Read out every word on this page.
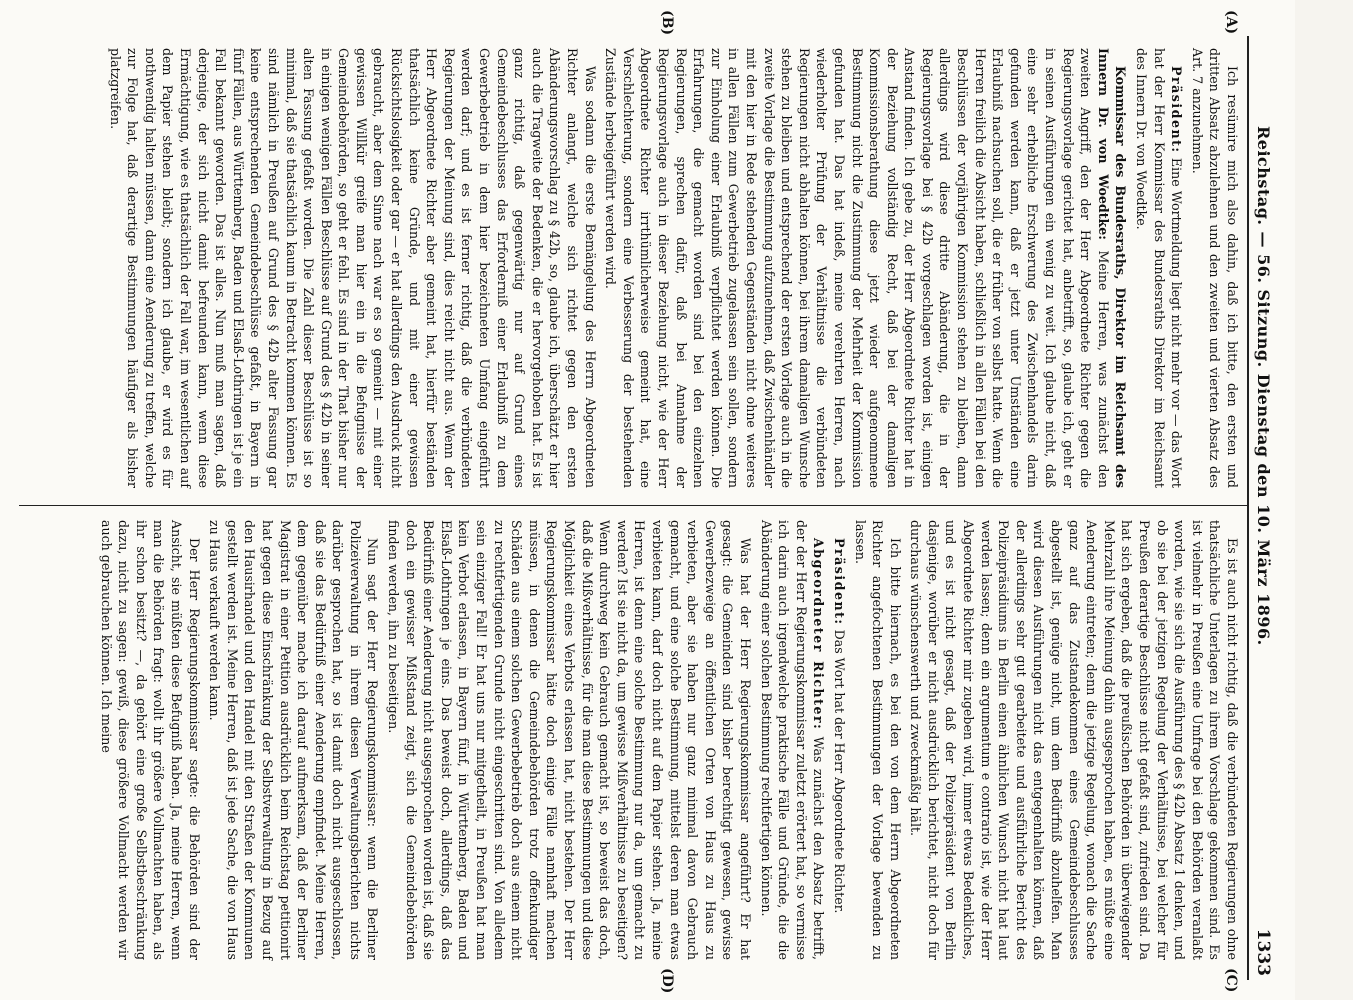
Reichstag. — 56. Sitzung. Dienstag den 10. März 1896.
1333
(A)
(B)
(C)
(D)

Ich resümire mich also dahin, daß ich bitte, den ersten und dritten Absatz abzulehnen und den zweiten und vierten Absatz des Art. 7 anzunehmen.

Präsident: Eine Wortmeldung liegt nicht mehr vor — das Wort hat der Herr Kommissar des Bundesraths Direktor im Reichsamt des Innern Dr. von Woedtke.

Kommissar des Bundesraths, Direktor im Reichsamt des Innern Dr. von Woedtke: Meine Herren, was zunächst den zweiten Angriff, den der Herr Abgeordnete Richter gegen die Regierungsvorlage gerichtet hat, anbetrifft, so, glaube ich, geht er in seinen Ausführungen ein wenig zu weit. Ich glaube nicht, daß eine sehr erhebliche Erschwerung des Zwischenhandels darin gefunden werden kann, daß er jetzt unter Umständen eine Erlaubniß nachsuchen soll, die er früher von selbst hatte. Wenn die Herren freilich die Absicht haben, schließlich in allen Fällen bei den Beschlüssen der vorjährigen Kommission stehen zu bleiben, dann allerdings wird diese dritte Abänderung, die in der Regierungsvorlage bei § 42b vorgeschlagen worden ist, einigen Anstand finden. Ich gebe zu, der Herr Abgeordnete Richter hat in der Beziehung vollständig Recht, daß bei der damaligen Kommissionsberathung diese jetzt wieder aufgenommene Bestimmung nicht die Zustimmung der Mehrheit der Kommission gefunden hat. Das hat indeß, meine verehrten Herren, nach wiederholter Prüfung der Verhältnisse die verbündeten Regierungen nicht abhalten können, bei ihrem damaligen Wunsche stehen zu bleiben und entsprechend der ersten Vorlage auch in die zweite Vorlage die Bestimmung aufzunehmen, daß Zwischenhändler mit den hier in Rede stehenden Gegenständen nicht ohne weiteres in allen Fällen zum Gewerbetrieb zugelassen sein sollen, sondern zur Einholung einer Erlaubniß verpflichtet werden können. Die Erfahrungen, die gemacht worden sind bei den einzelnen Regierungen, sprechen dafür, daß bei Annahme der Regierungsvorlage auch in dieser Beziehung nicht, wie der Herr Abgeordnete Richter irrthümlicherweise gemeint hat, eine Verschlechterung, sondern eine Verbesserung der bestehenden Zustände herbeigeführt werden wird.

Was sodann die erste Bemängelung des Herrn Abgeordneten Richter anlangt, welche sich richtet gegen den ersten Abänderungsvorschlag zu § 42b, so, glaube ich, überschätzt er hier auch die Tragweite der Bedenken, die er hervorgehoben hat. Es ist ganz richtig, daß gegenwärtig nur auf Grund eines Gemeindebeschlusses das Erforderniß einer Erlaubniß zu dem Gewerbebetrieb in dem hier bezeichneten Umfang eingeführt werden darf; und es ist ferner richtig, daß die verbündeten Regierungen der Meinung sind, dies reicht nicht aus. Wenn der Herr Abgeordnete Richter aber gemeint hat, hierfür beständen thatsächlich keine Gründe, und mit einer gewissen Rücksichtslosigkeit oder gar — er hat allerdings den Ausdruck nicht gebraucht, aber dem Sinne nach war es so gemeint — mit einer gewissen Willkür greife man hier ein in die Befugnisse der Gemeindebehörden, so geht er fehl. Es sind in der That bisher nur in einigen wenigen Fällen Beschlüsse auf Grund des § 42b in seiner alten Fassung gefaßt worden. Die Zahl dieser Beschlüsse ist so minimal, daß sie thatsächlich kaum in Betracht kommen können. Es sind nämlich in Preußen auf Grund des § 42b alter Fassung gar keine entsprechenden Gemeindebeschlüsse gefaßt, in Bayern in fünf Fällen, aus Württemberg, Baden und Elsaß-Lothringen ist je ein Fall bekannt geworden. Das ist alles. Nun muß man sagen, daß derjenige, der sich nicht damit befreunden kann, wenn diese Ermächtigung, wie es thatsächlich der Fall war, im wesentlichen auf dem Papier stehen bleibt; sondern ich glaube, er wird es für nothwendig halten müssen, dann eine Aenderung zu treffen, welche zur Folge hat, daß derartige Bestimmungen häufiger als bisher platzgreifen.

Es ist auch nicht richtig, daß die verbündeten Regierungen ohne thatsächliche Unterlagen zu ihrem Vorschlage gekommen sind. Es ist vielmehr in Preußen eine Umfrage bei den Behörden veranlaßt worden, wie sie sich die Ausführung des § 42b Absatz 1 denken, und ob sie bei der jetzigen Regelung der Verhältnisse, bei welcher für Preußen derartige Beschlüsse nicht gefaßt sind, zufrieden sind. Da hat sich ergeben, daß die preußischen Behörden in überwiegender Mehrzahl ihre Meinung dahin ausgesprochen haben, es müßte eine Aenderung eintreten; denn die jetzige Regelung, wonach die Sache ganz auf das Zustandekommen eines Gemeindebeschlusses abgestellt ist, genüge nicht, um dem Bedürfniß abzuhelfen. Man wird diesen Ausführungen nicht das entgegenhalten können, daß der allerdings sehr gut gearbeitete und ausführliche Bericht des Polizeipräsidiums in Berlin einen ähnlichen Wunsch nicht hat laut werden lassen; denn ein argumentum e contrario ist, wie der Herr Abgeordnete Richter mir zugeben wird, immer etwas Bedenkliches, und es ist nicht gesagt, daß der Polizeipräsident von Berlin dasjenige, worüber er nicht ausdrücklich berichtet, nicht doch für durchaus wünschenswerth und zweckmäßig hält.

Ich bitte hiernach, es bei den von dem Herrn Abgeordneten Richter angefochtenen Bestimmungen der Vorlage bewenden zu lassen.

Präsident: Das Wort hat der Herr Abgeordnete Richter.

Abgeordneter Richter: Was zunächst den Absatz betrifft, der der Herr Regierungskommissar zuletzt erörtert hat, so vermisse ich darin auch irgendwelche praktische Fälle und Gründe, die die Abänderung einer solchen Bestimmung rechtfertigen können.

Was hat der Herr Regierungskommissar angeführt? Er hat gesagt: die Gemeinden sind bisher berechtigt gewesen, gewisse Gewerbezweige an öffentlichen Orten von Haus zu Haus zu verbieten, aber sie haben nur ganz minimal davon Gebrauch gemacht, und eine solche Bestimmung, mittelst deren man etwas verbieten kann, darf doch nicht auf dem Papier stehen. Ja, meine Herren, ist denn eine solche Bestimmung nur da, um gemacht zu werden? Ist sie nicht da, um gewisse Mißverhältnisse zu beseitigen? Wenn durchweg kein Gebrauch gemacht ist, so beweist das doch, daß die Mißverhältnisse, für die man diese Bestimmungen und diese Möglichkeit eines Verbots erlassen hat, nicht bestehen. Der Herr Regierungskommissar hätte doch einige Fälle namhaft machen müssen, in denen die Gemeindebehörden trotz offenkundiger Schäden aus einem solchen Gewerbebetrieb doch aus einem nicht zu rechtfertigenden Grunde nicht eingeschritten sind. Von alledem sein einziger Fall! Er hat uns nur mitgetheilt, in Preußen hat man kein Verbot erlassen, in Bayern fünf, in Württemberg, Baden und Elsaß-Lothringen je eins. Das beweist doch, allerdings, daß das Bedürfniß einer Aenderung nicht ausgesprochen worden ist, daß sie doch ein gewisser Mißstand zeigt, sich die Gemeindebehörden finden werden, ihn zu beseitigen.

Nun sagt der Herr Regierungskommissar: wenn die Berliner Polizeiverwaltung in ihrem diesen Verwaltungsberichten nichts darüber gesprochen hat, so ist damit doch nicht ausgeschlossen, daß sie das Bedürfniß einer Aenderung empfindet. Meine Herren, dem gegenüber mache ich darauf aufmerksam, daß der Berliner Magistrat in einer Petition ausdrücklich beim Reichstag petitionirt hat gegen diese Einschränkung der Selbstverwaltung in Bezug auf den Hausirhandel und den Handel mit den Straßen der Kommunen gestellt werden ist. Meine Herren, daß ist jede Sache, die von Haus zu Haus verkauft werden kann.

Der Herr Regierungskommissar sagte: die Behörden sind der Ansicht, sie müßten diese Befugniß haben. Ja, meine Herren, wenn man die Behörden fragt: wollt ihr größere Vollmachten haben, als ihr schon besitzt? —, da gehört eine große Selbstbeschränkung dazu, nicht zu sagen: gewiß, diese größere Vollmacht werden wir auch gebrauchen können. Ich meine
